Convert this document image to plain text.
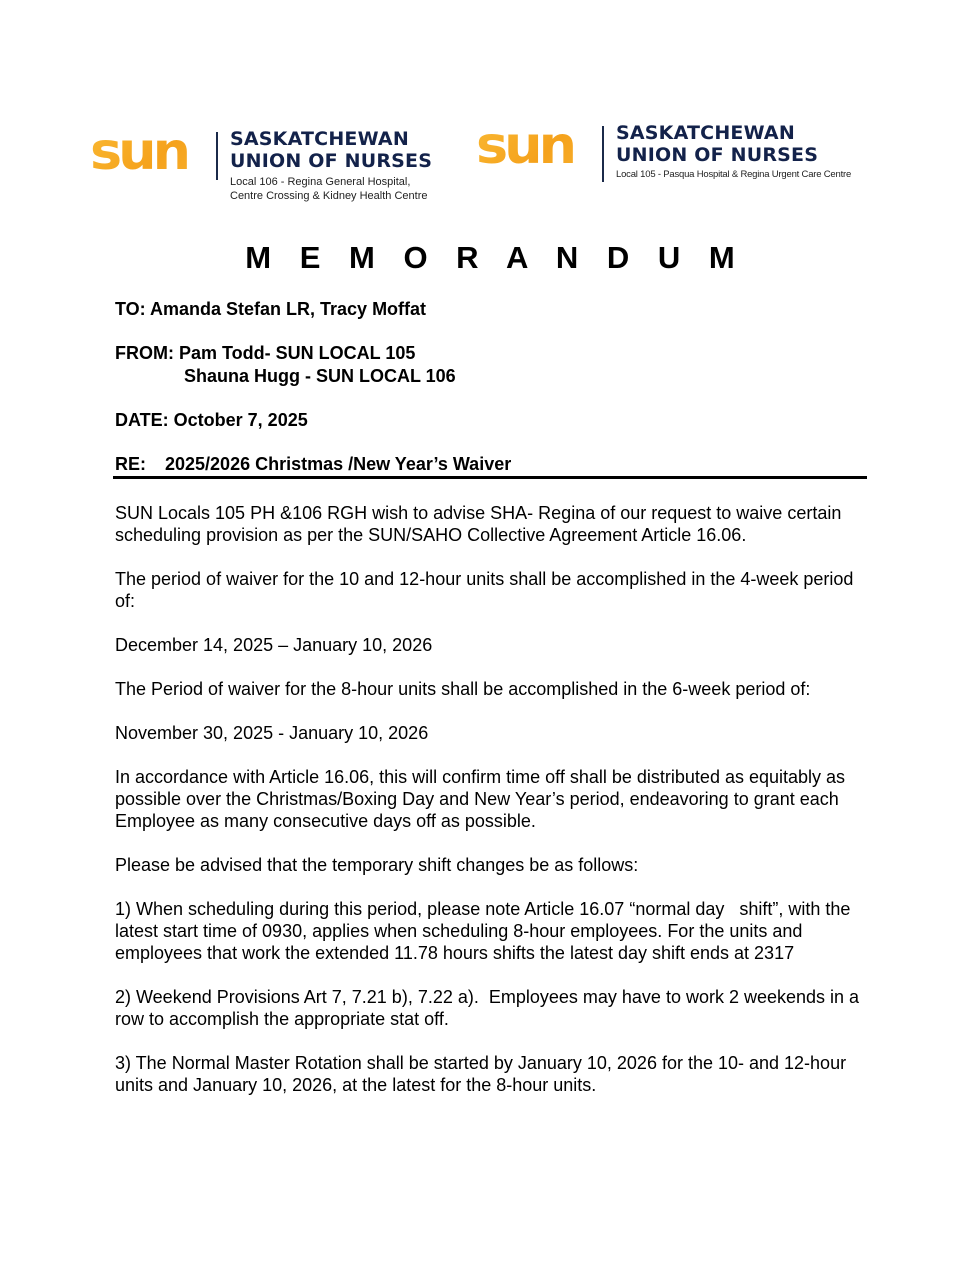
sun	SASKATCHEWAN
UNION OF NURSES
Local 106 - Regina General Hospital,
Centre Crossing & Kidney Health Centre
sun	SASKATCHEWAN
UNION OF NURSES
Local 105 - Pasqua Hospital & Regina Urgent Care Centre
M E M O R A N D U M

TO: Amanda Stefan LR, Tracy Moffat

FROM: Pam Todd- SUN LOCAL 105

Shauna Hugg - SUN LOCAL 106

DATE: October 7, 2025

RE: 2025/2026 Christmas /New Year’s Waiver

SUN Locals 105 PH &106 RGH wish to advise SHA- Regina of our request to waive certain scheduling provision as per the SUN/SAHO Collective Agreement Article 16.06.

The period of waiver for the 10 and 12-hour units shall be accomplished in the 4-week period of:

December 14, 2025 – January 10, 2026

The Period of waiver for the 8-hour units shall be accomplished in the 6-week period of:

November 30, 2025 - January 10, 2026

In accordance with Article 16.06, this will confirm time off shall be distributed as equitably as possible over the Christmas/Boxing Day and New Year’s period, endeavoring to grant each Employee as many consecutive days off as possible.

Please be advised that the temporary shift changes be as follows:

1) When scheduling during this period, please note Article 16.07 “normal day   shift”, with the latest start time of 0930, applies when scheduling 8-hour employees. For the units and employees that work the extended 11.78 hours shifts the latest day shift ends at 2317

2) Weekend Provisions Art 7, 7.21 b), 7.22 a).  Employees may have to work 2 weekends in a row to accomplish the appropriate stat off.

3) The Normal Master Rotation shall be started by January 10, 2026 for the 10- and 12-hour units and January 10, 2026, at the latest for the 8-hour units.
